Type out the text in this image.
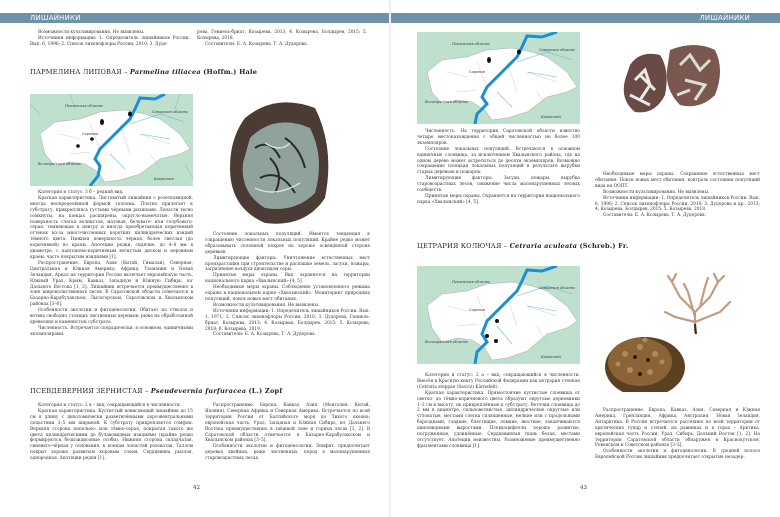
ЛИШАЙНИКИ	ЛИШАЙНИКИ

Возможности культивирования. Не выявлены.

Источники информации: 1. Определитель лишайников России. Вып. 6, 1996; 2. Список лихенофлоры России, 2010; 3. Дудо-

рова, Гениель-бриат, Козырева, 2013; 4. Козырева, Болдырев, 2015; 5. Козырева, 2018.

Составители: Е. А. Козырева, Т. А. Дудорова.

ПАРМЕЛИНА ЛИПОВАЯ – Parmelina tiliacea (Hoffm.) Hale
Пензенская область
Самарская область
Саратов
Волгоградская область
Казахстан

Категория и статус: 3 б – редкий вид.

Краткая характеристика. Листоватый лишайник с розетковидной, иногда неопределённой формой таллома. Плотно прилегает к субстрату, прикрепляясь густыми чёрными ризинами. Лопасти тесно сомкнуты, на концах расширены, округло-выемчатые. Верхняя поверхность слегка волнистая, матовая, беловато- или голубовато-серая, темнеющая к центру и иногда приобретающая коричневый оттенок из-за многочисленных коротких цилиндрических изидий тёмного цвета. Нижняя поверхность чёрная, более светлая (до коричневой) по краям. Апотеции редки, сидячие, до 4–8 мм в диаметре, с каштаново-коричневым вогнутым диском и неровным краем, часто покрытым изидиями [1].

Распространение. Европа, Азия (Китай, Гималаи), Северная, Центральная и Южная Америка, Африка, Тасмания и Новая Зеландия. Ареал на территории России включает европейскую часть, Южный Урал, Крым, Кавказ, Западную и Южную Сибирь, юг Дальнего Востока [1, 2]. Лишайник встречается преимущественно в зоне широколиственных лесов. В Саратовской области отмечается в Базарно-Карабулакском, Лысогорском, Саратовском и Хвалынском районах [3–6].

Особенности экологии и фитоценологии. Обитает на стволах и ветвях свободно стоящих лиственных деревьев, реже на обработанной древесине и каменистом субстрате.

Численность. Встречается спорадически, в основном, единичными экземплярами.

Состояние локальных популяций. Имеется тенденция к сокращению численности локальных популяций. Крайне редко может образовывать сплошной покров на хорошо освещённой стороне деревьев.

Лимитирующие факторы. Уничтожение естественных мест произрастания при строительстве и распашке земель, засухи, пожары, загрязнение воздуха диоксидом серы.

Принятые меры охраны. Вид охраняется на территории национального парка «Хвалынский» [4, 5].

Необходимые меры охраны. Соблюдение установленного режима охраны в национальном парке «Хвалынский». Мониторинг природных популяций, поиск новых мест обитания.

Возможности культивирования. Не выявлены.

Источники информации: 1. Определитель лишайников России. Вып. 1, 1971; 2. Список лихенофлоры России, 2010; 3. Дудорова, Гениель-бриат, Козырева, 2013; 4. Козырева, Болдырев, 2015; 5. Козырева, 2018; 6. Козырева, 2019.

Составители: Е. А. Козырева, Т. А. Дудорова.

ПСЕВДЕВЕРНИЯ ЗЕРНИСТАЯ – Pseudevernia furfuracea (L.) Zopf

Категория и статус: 2 в – вид, сокращающийся в численности.

Краткая характеристика. Кустистый повисающий лишайник до 15 см в длину с дихотомически разветвлёнными дорсовентральными лопастями 3–5 мм шириной. К субстрату прикрепляется гомфом. Верхняя сторона пепельно- или тёмно-серая, покрытая такого же цвета цилиндрическими до булавовидных изидиями (крайне редко формируются безызидиозные особи). Нижняя сторона складчатая, синевато-чёрная у основания, к концам лопастей розоватая. Таллом покрыт хорошо развитым коровым слоем. Сердцевина рыхлая, однородная. Апотеции редки [1].

Распространение. Европа, Кавказ, Азия (Монголия, Китай, Япония), Северная Африка и Северная Америка. Встречается по всей территории России от Балтийского моря до Тихого океана: европейская часть, Урал, Западная и Южная Сибирь, юг Дальнего Востока преимущественно в таёжной зоне и горных лесах [1, 2]. В Саратовской области отмечается в Базарно-Карабулакском и Хвалынском районах [3–5].

Особенности экологии и фитоценологии. Эпифит, предпочитает деревья хвойных, реже лиственных, пород в малонарушенных старовозрастных лесах.

42
Пензенская область
Самарская область
Саратов
Волгоградская область
Казахстан

Численность. На территории Саратовской области известно четыре местонахождения с общей численностью не более 100 экземпляров.

Состояние локальных популяций. Встречаются в основном единичные слоевища, за исключением Хвалынского района, где на одном дереве может встретиться до десяти экземпляров. Возможно сокращение площади локальных популяций в результате вырубки старых деревьев и пожаров.

Лимитирующие факторы. Засухи, пожары, вырубка старовозрастных лесов, снижение числа малонарушенных лесных сообществ.

Принятые меры охраны. Охраняется на территории национального парка «Хвалынский» [4, 5].

Необходимые меры охраны. Сохранение естественных мест обитания. Поиск новых мест обитания, контроль состояния популяций вида на ООПТ.

Возможности культивирования. Не выявлены.

Источники информации: 1. Определитель лишайников России. Вып. 6, 1996; 2. Список лихенофлоры России, 2010; 3. Дудорова и др., 2013; 4. Козырева, Болдырев, 2015; 5. Козырева, 2018.

Составители: Е. А. Козырева, Т. А. Дудорова.

ЦЕТРАРИЯ КОЛЮЧАЯ – Cetraria aculeata (Schreb.) Fr.
Пензенская область
Самарская область
Саратов
Волгоградская область
Казахстан

Категория и статус: 2 а – вид, сокращающийся в численности. Внесён в Красную книгу Российской Федерации как цетрария степная (Cetraria steppae (Savicz) Kärnefelt).

Краткая характеристика. Прямостоячие кустистые слоевища от светло- до тёмно-коричневого цвета образуют округлые дерновинки 1–3 см в высоту, не прикреплённые к субстрату. Веточки слоевища до 2 мм в диаметре, сильноветвистые, цилиндрические округлые или угловатые, местами слегка сплющенные, мелкие или с продольными бороздками, гладкие, блестящие, ломкие, жесткие, заканчиваются шиповидными выростами. Псевдоцифеллы хорошо развитые, погруженные, удлинённые. Сердцевинная ткань белая, местами отсутствует. Апотеции неизвестны. Размножение преимущественно фрагментами слоевища [1].

Распространение. Европа, Кавказ, Азия, Северная и Южная Америка, Гренландия, Африка, Австралия, Новая Зеландия, Антарктика. В России встречается рассеянно по всей территории от арктических тундр и степей, на равнинах и в горах – Арктика, европейская часть России, Урал, Сибирь, Дальний Восток [1, 2]. На территории Саратовской области обнаружен в Краснокутском, Ровенском и Советском районах [3–5].

Особенности экологии и фитоценологии. В средней полосе Европейской России лишайник предпочитает открытые незадер-

43
